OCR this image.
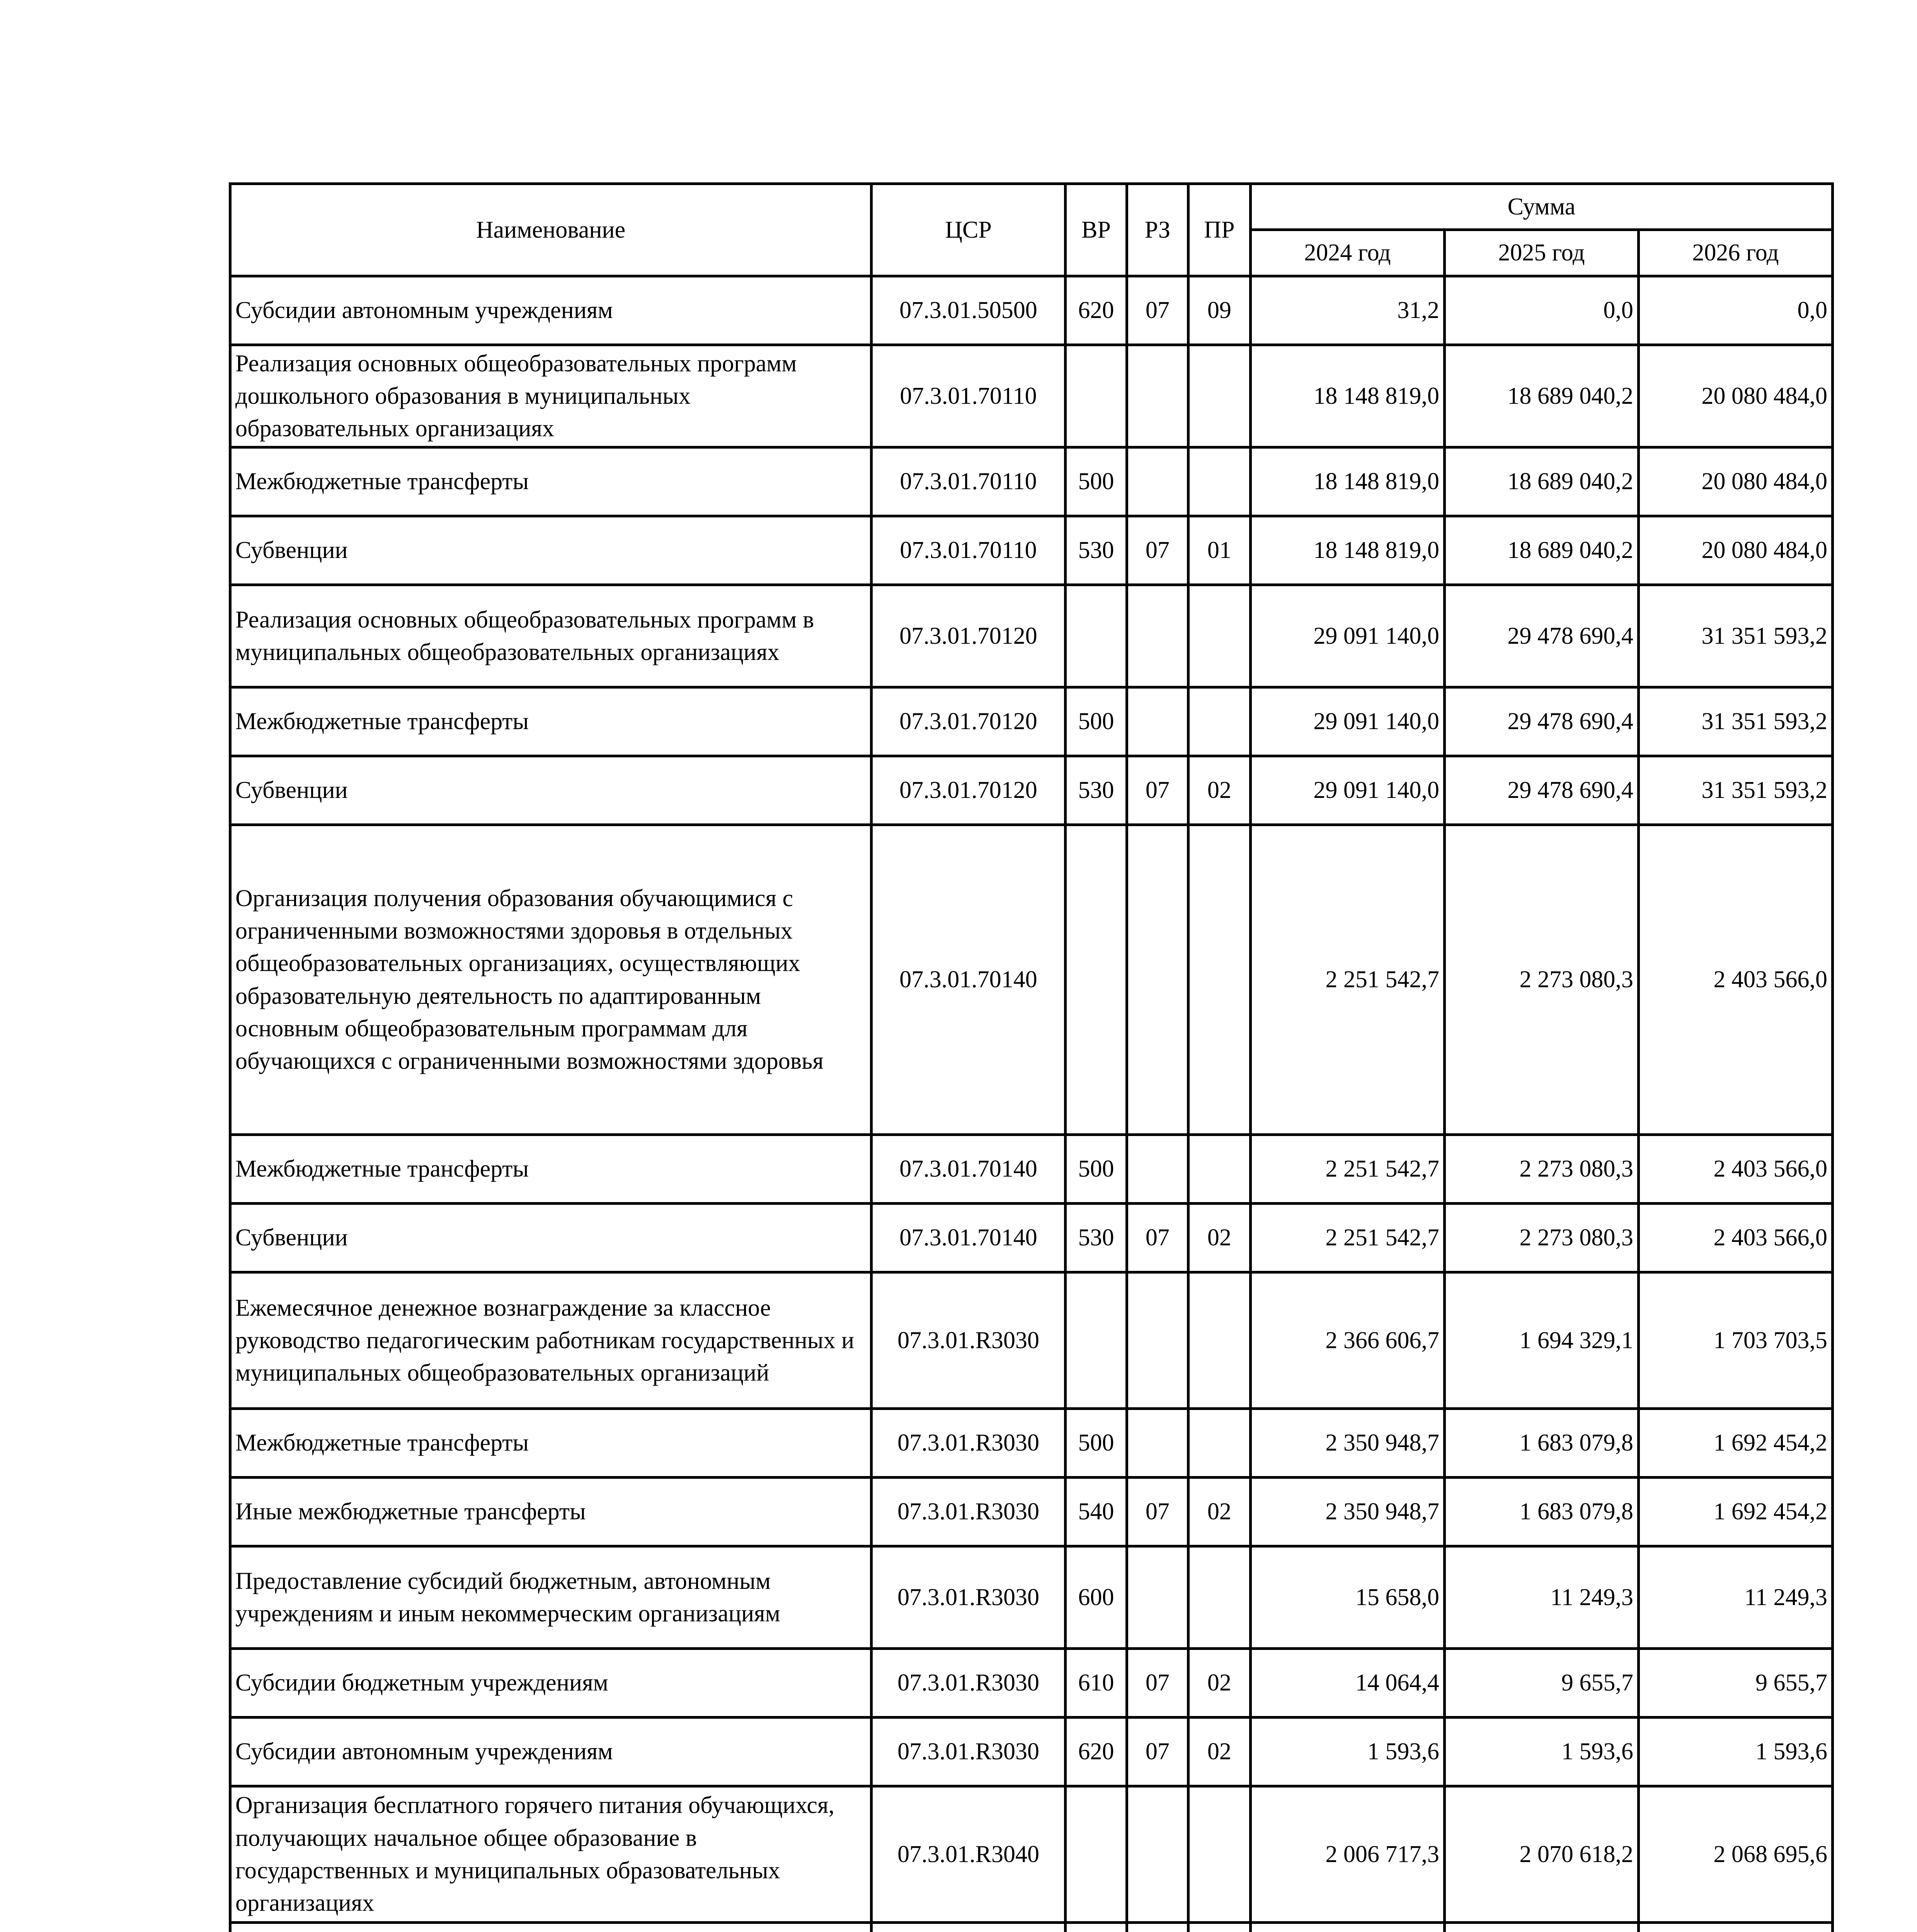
Наименование	ЦСР	ВР	РЗ	ПР	Сумма		
					2024 год	2025 год	2026 год
Субсидии автономным учреждениям	07.3.01.50500	620	07	09	31,2	0,0	0,0
Реализация основных общеобразовательных программ дошкольного образования в муниципальных образовательных организациях	07.3.01.70110				18 148 819,0	18 689 040,2	20 080 484,0
Межбюджетные трансферты	07.3.01.70110	500			18 148 819,0	18 689 040,2	20 080 484,0
Субвенции	07.3.01.70110	530	07	01	18 148 819,0	18 689 040,2	20 080 484,0
Реализация основных общеобразовательных программ в муниципальных общеобразовательных организациях	07.3.01.70120				29 091 140,0	29 478 690,4	31 351 593,2
Межбюджетные трансферты	07.3.01.70120	500			29 091 140,0	29 478 690,4	31 351 593,2
Субвенции	07.3.01.70120	530	07	02	29 091 140,0	29 478 690,4	31 351 593,2
Организация получения образования обучающимися с ограниченными возможностями здоровья в отдельных общеобразовательных организациях, осуществляющих образовательную деятельность по адаптированным основным общеобразовательным программам для обучающихся с ограниченными возможностями здоровья	07.3.01.70140				2 251 542,7	2 273 080,3	2 403 566,0
Межбюджетные трансферты	07.3.01.70140	500			2 251 542,7	2 273 080,3	2 403 566,0
Субвенции	07.3.01.70140	530	07	02	2 251 542,7	2 273 080,3	2 403 566,0
Ежемесячное денежное вознаграждение за классное руководство педагогическим работникам государственных и муниципальных общеобразовательных организаций	07.3.01.R3030				2 366 606,7	1 694 329,1	1 703 703,5
Межбюджетные трансферты	07.3.01.R3030	500			2 350 948,7	1 683 079,8	1 692 454,2
Иные межбюджетные трансферты	07.3.01.R3030	540	07	02	2 350 948,7	1 683 079,8	1 692 454,2
Предоставление субсидий бюджетным, автономным учреждениям и иным некоммерческим организациям	07.3.01.R3030	600			15 658,0	11 249,3	11 249,3
Субсидии бюджетным учреждениям	07.3.01.R3030	610	07	02	14 064,4	9 655,7	9 655,7
Субсидии автономным учреждениям	07.3.01.R3030	620	07	02	1 593,6	1 593,6	1 593,6
Организация бесплатного горячего питания обучающихся, получающих начальное общее образование в государственных и муниципальных образовательных организациях	07.3.01.R3040				2 006 717,3	2 070 618,2	2 068 695,6
